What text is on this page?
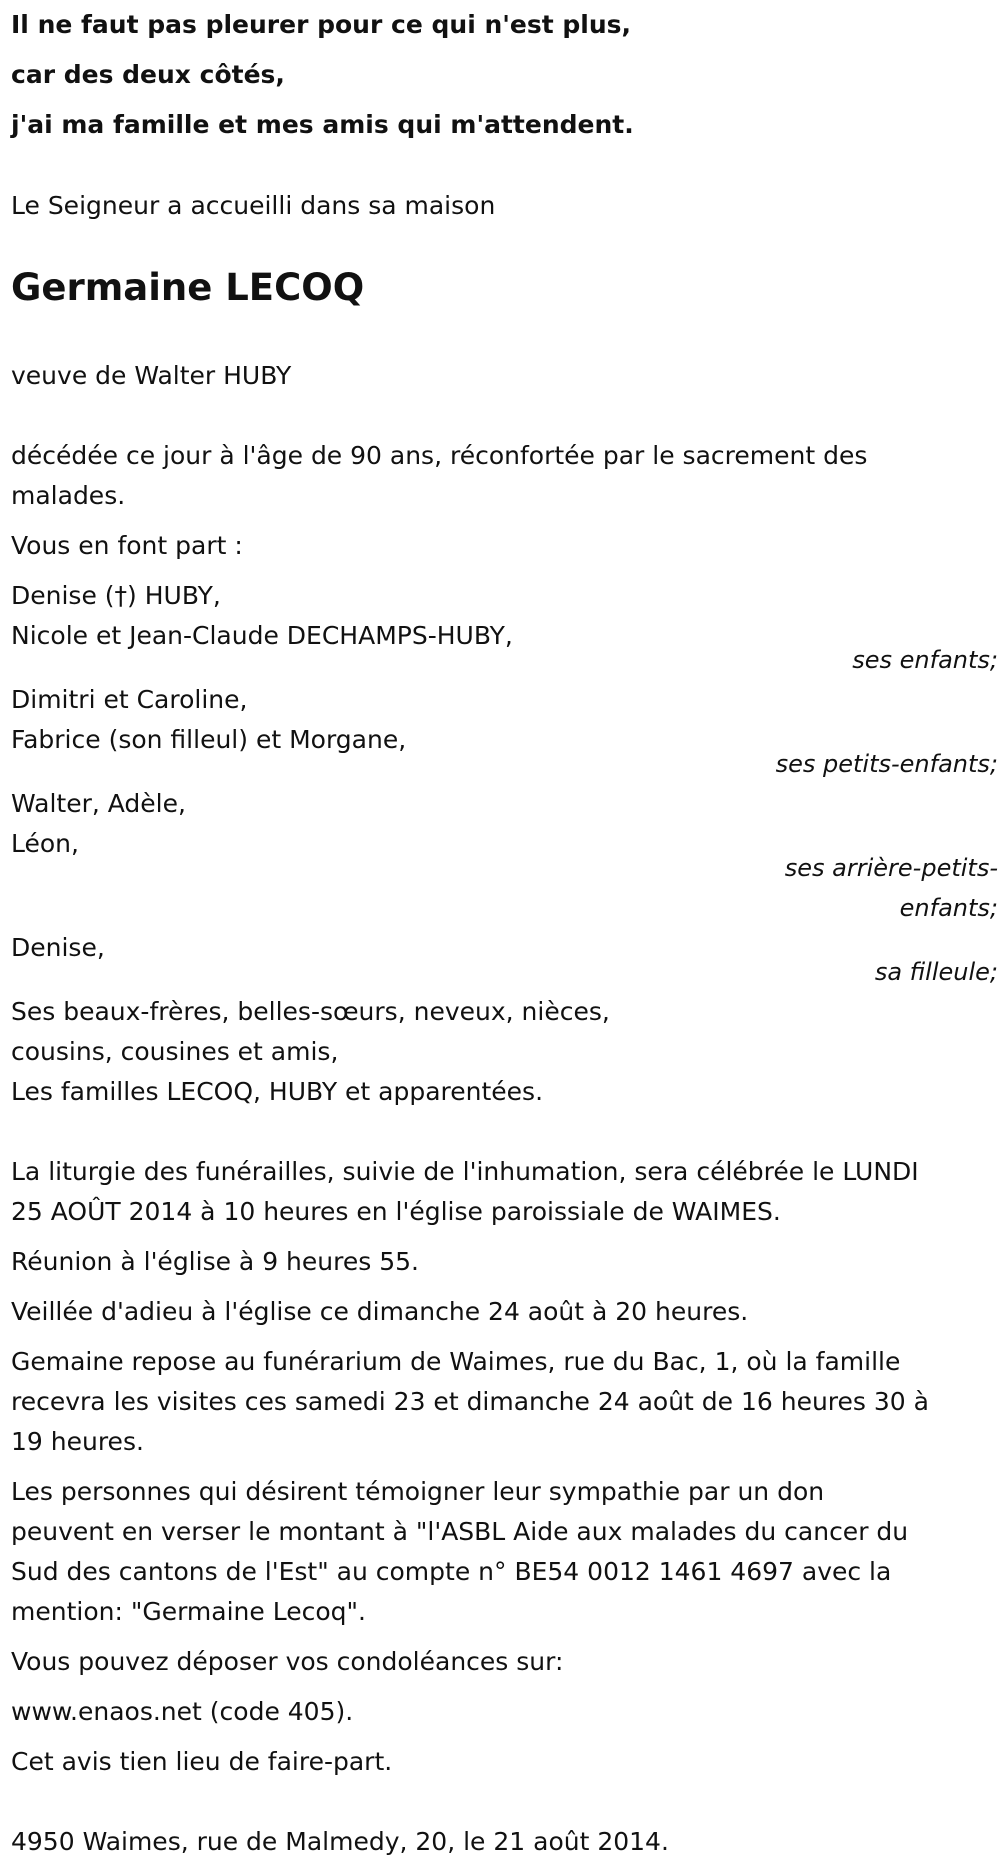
Il ne faut pas pleurer pour ce qui n'est plus,

car des deux côtés,

j'ai ma famille et mes amis qui m'attendent.

Le Seigneur a accueilli dans sa maison

Germaine LECOQ

veuve de Walter HUBY

décédée ce jour à l'âge de 90 ans, réconfortée par le sacrement des

malades.

Vous en font part :

Denise (†) HUBY,

Nicole et Jean-Claude DECHAMPS-HUBY,

ses enfants;

Dimitri et Caroline,

Fabrice (son filleul) et Morgane,

ses petits-enfants;

Walter, Adèle,

Léon,

ses arrière-petits-

enfants;

Denise,

sa filleule;

Ses beaux-frères, belles-sœurs, neveux, nièces,

cousins, cousines et amis,

Les familles LECOQ, HUBY et apparentées.

La liturgie des funérailles, suivie de l'inhumation, sera célébrée le LUNDI

25 AOÛT 2014 à 10 heures en l'église paroissiale de WAIMES.

Réunion à l'église à 9 heures 55.

Veillée d'adieu à l'église ce dimanche 24 août à 20 heures.

Gemaine repose au funérarium de Waimes, rue du Bac, 1, où la famille

recevra les visites ces samedi 23 et dimanche 24 août de 16 heures 30 à

19 heures.

Les personnes qui désirent témoigner leur sympathie par un don

peuvent en verser le montant à "l'ASBL Aide aux malades du cancer du

Sud des cantons de l'Est" au compte n° BE54 0012 1461 4697 avec la

mention: "Germaine Lecoq".

Vous pouvez déposer vos condoléances sur:

www.enaos.net (code 405).

Cet avis tien lieu de faire-part.

4950 Waimes, rue de Malmedy, 20, le 21 août 2014.
